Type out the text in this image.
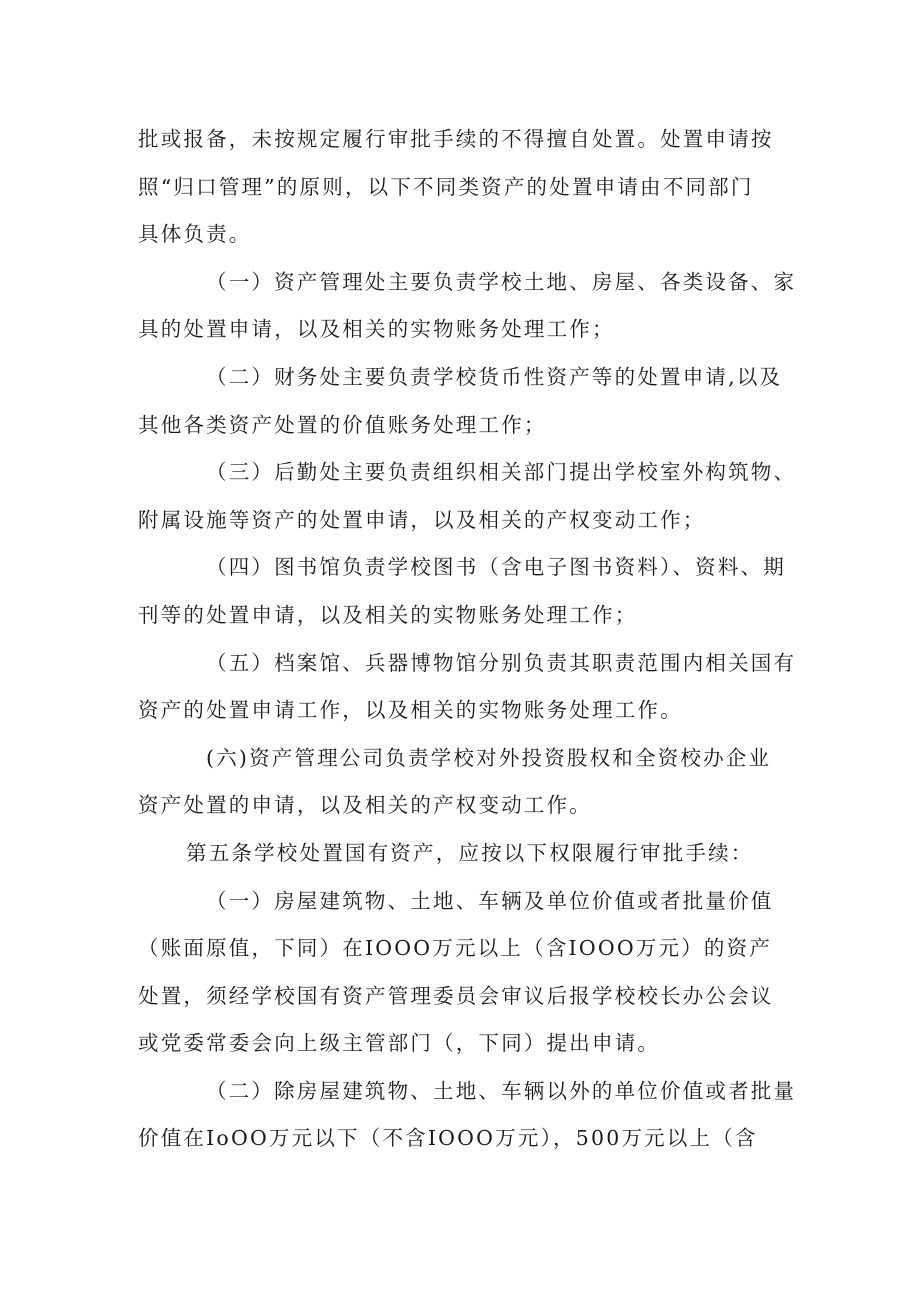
批或报备，未按规定履行审批手续的不得擅自处置。处置申请按
照“归口管理”的原则，以下不同类资产的处置申请由不同部门
具体负责。
（一）资产管理处主要负责学校土地、房屋、各类设备、家
具的处置申请，以及相关的实物账务处理工作；
（二）财务处主要负责学校货币性资产等的处置申请,以及
其他各类资产处置的价值账务处理工作；
（三）后勤处主要负责组织相关部门提出学校室外构筑物、
附属设施等资产的处置申请，以及相关的产权变动工作；
（四）图书馆负责学校图书（含电子图书资料）、资料、期
刊等的处置申请，以及相关的实物账务处理工作；
（五）档案馆、兵器博物馆分别负责其职责范围内相关国有
资产的处置申请工作，以及相关的实物账务处理工作。
(六)资产管理公司负责学校对外投资股权和全资校办企业
资产处置的申请，以及相关的产权变动工作。
第五条学校处置国有资产，应按以下权限履行审批手续：
（一）房屋建筑物、土地、车辆及单位价值或者批量价值
（账面原值，下同）在IOOO万元以上（含IOOO万元）的资产
处置，须经学校国有资产管理委员会审议后报学校校长办公会议
或党委常委会向上级主管部门（，下同）提出申请。
（二）除房屋建筑物、土地、车辆以外的单位价值或者批量
价值在IoOO万元以下（不含IOOO万元），500万元以上（含
